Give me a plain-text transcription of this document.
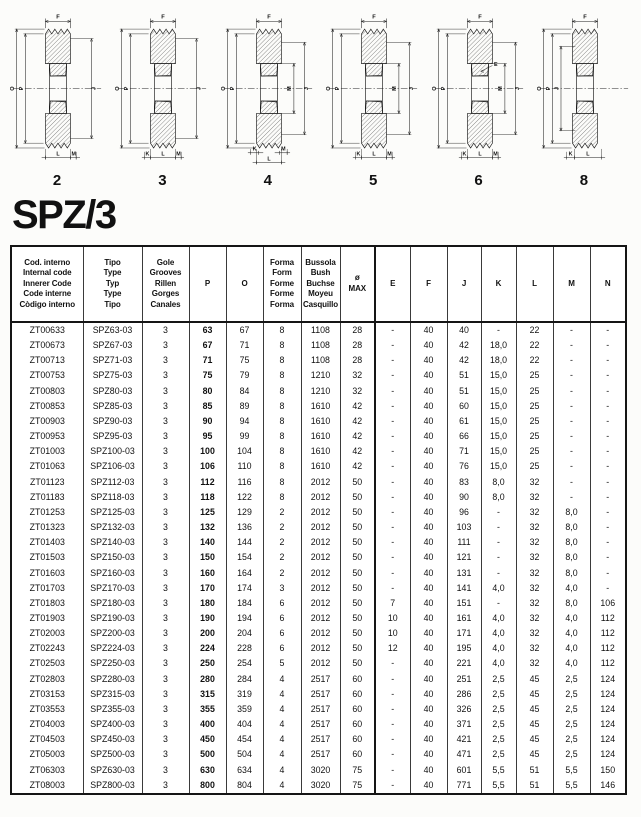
F
O P	J
L M
2
F
O P	J
K L M
3
F
O P	M J
K	M
L
4
F
O P	M J
K L M
5
F
O P	M J
E
K L M
6
F
O P J
K L
8
SPZ/3
Cod. interno
Internal code
Innerer Code
Code interne
Còdigo interno

Tipo
Type
Typ
Type
Tipo

Gole
Grooves
Rillen
Gorges
Canales

P	O

Forma
Form
Forme
Forme
Forma

Bussola
Bush
Buchse
Moyeu
Casquillo

ø
MAX

E	F	J	K	L	M	N

ZT00633	SPZ63-03	3	63	67	8	1108	28	-	40	40	-	22	-	-
ZT00673	SPZ67-03	3	67	71	8	1108	28	-	40	42	18,0	22	-	-
ZT00713	SPZ71-03	3	71	75	8	1108	28	-	40	42	18,0	22	-	-
ZT00753	SPZ75-03	3	75	79	8	1210	32	-	40	51	15,0	25	-	-
ZT00803	SPZ80-03	3	80	84	8	1210	32	-	40	51	15,0	25	-	-
ZT00853	SPZ85-03	3	85	89	8	1610	42	-	40	60	15,0	25	-	-
ZT00903	SPZ90-03	3	90	94	8	1610	42	-	40	61	15,0	25	-	-
ZT00953	SPZ95-03	3	95	99	8	1610	42	-	40	66	15,0	25	-	-
ZT01003	SPZ100-03	3	100	104	8	1610	42	-	40	71	15,0	25	-	-
ZT01063	SPZ106-03	3	106	110	8	1610	42	-	40	76	15,0	25	-	-
ZT01123	SPZ112-03	3	112	116	8	2012	50	-	40	83	8,0	32	-	-
ZT01183	SPZ118-03	3	118	122	8	2012	50	-	40	90	8,0	32	-	-
ZT01253	SPZ125-03	3	125	129	2	2012	50	-	40	96	-	32	8,0	-
ZT01323	SPZ132-03	3	132	136	2	2012	50	-	40	103	-	32	8,0	-
ZT01403	SPZ140-03	3	140	144	2	2012	50	-	40	111	-	32	8,0	-
ZT01503	SPZ150-03	3	150	154	2	2012	50	-	40	121	-	32	8,0	-
ZT01603	SPZ160-03	3	160	164	2	2012	50	-	40	131	-	32	8,0	-
ZT01703	SPZ170-03	3	170	174	3	2012	50	-	40	141	4,0	32	4,0	-
ZT01803	SPZ180-03	3	180	184	6	2012	50	7	40	151	-	32	8,0	106
ZT01903	SPZ190-03	3	190	194	6	2012	50	10	40	161	4,0	32	4,0	112
ZT02003	SPZ200-03	3	200	204	6	2012	50	10	40	171	4,0	32	4,0	112
ZT02243	SPZ224-03	3	224	228	6	2012	50	12	40	195	4,0	32	4,0	112
ZT02503	SPZ250-03	3	250	254	5	2012	50	-	40	221	4,0	32	4,0	112
ZT02803	SPZ280-03	3	280	284	4	2517	60	-	40	251	2,5	45	2,5	124
ZT03153	SPZ315-03	3	315	319	4	2517	60	-	40	286	2,5	45	2,5	124
ZT03553	SPZ355-03	3	355	359	4	2517	60	-	40	326	2,5	45	2,5	124
ZT04003	SPZ400-03	3	400	404	4	2517	60	-	40	371	2,5	45	2,5	124
ZT04503	SPZ450-03	3	450	454	4	2517	60	-	40	421	2,5	45	2,5	124
ZT05003	SPZ500-03	3	500	504	4	2517	60	-	40	471	2,5	45	2,5	124
ZT06303	SPZ630-03	3	630	634	4	3020	75	-	40	601	5,5	51	5,5	150
ZT08003	SPZ800-03	3	800	804	4	3020	75	-	40	771	5,5	51	5,5	146
